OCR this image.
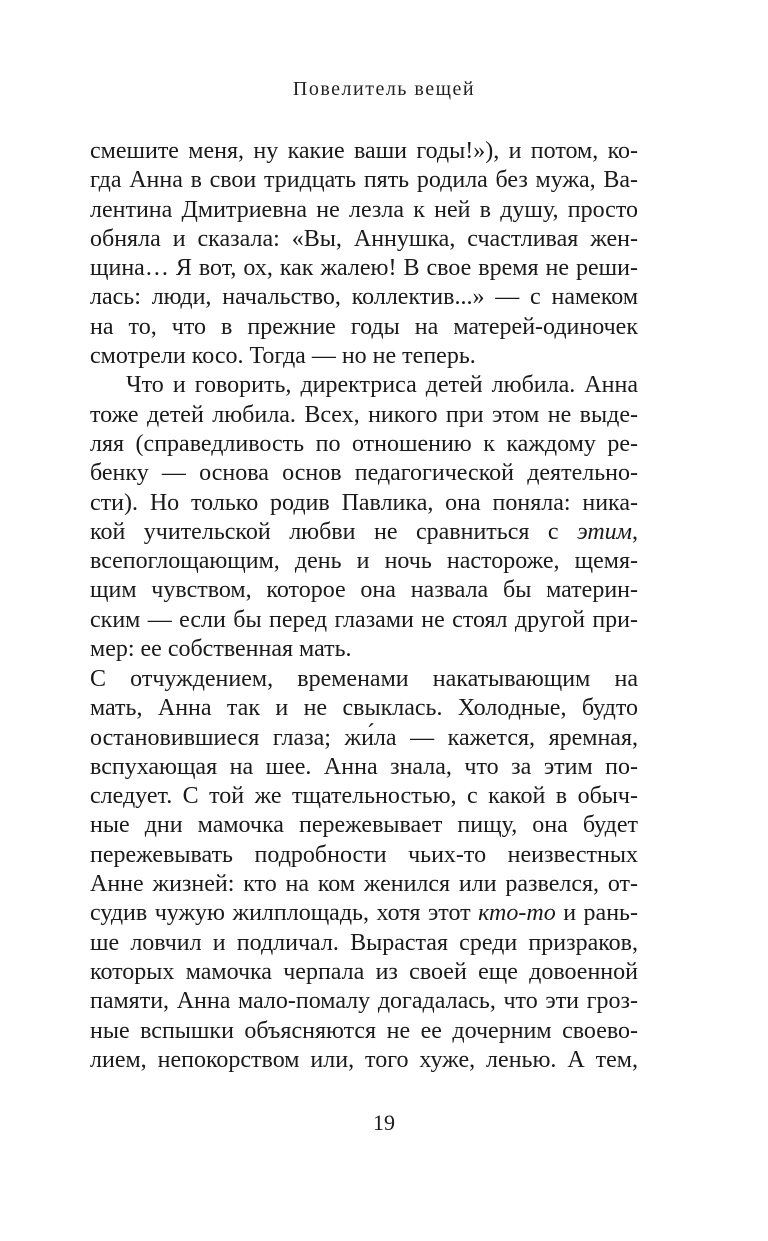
Повелитель вещей
смешите меня, ну какие ваши годы!»), и потом, ко-
гда Анна в свои тридцать пять родила без мужа, Ва-
лентина Дмитриевна не лезла к ней в душу, просто
обняла и сказала: «Вы, Аннушка, счастливая жен-
щина… Я вот, ох, как жалею! В свое время не реши-
лась: люди, начальство, коллектив...» — с намеком
на то, что в прежние годы на матерей-одиночек
смотрели косо. Тогда — но не теперь.
Что и говорить, директриса детей любила. Анна
тоже детей любила. Всех, никого при этом не выде-
ляя (справедливость по отношению к каждому ре-
бенку — основа основ педагогической деятельно-
сти). Но только родив Павлика, она поняла: ника-
кой учительской любви не сравниться с этим,
всепоглощающим, день и ночь настороже, щемя-
щим чувством, которое она назвала бы материн-
ским — если бы перед глазами не стоял другой при-
мер: ее собственная мать.
С отчуждением, временами накатывающим на
мать, Анна так и не свыклась. Холодные, будто
остановившиеся глаза; жи́ла — кажется, яремная,
вспухающая на шее. Анна знала, что за этим по-
следует. С той же тщательностью, с какой в обыч-
ные дни мамочка пережевывает пищу, она будет
пережевывать подробности чьих-то неизвестных
Анне жизней: кто на ком женился или развелся, от-
судив чужую жилплощадь, хотя этот кто-то и рань-
ше ловчил и подличал. Вырастая среди призраков,
которых мамочка черпала из своей еще довоенной
памяти, Анна мало-помалу догадалась, что эти гроз-
ные вспышки объясняются не ее дочерним своево-
лием, непокорством или, того хуже, ленью. А тем,
19
